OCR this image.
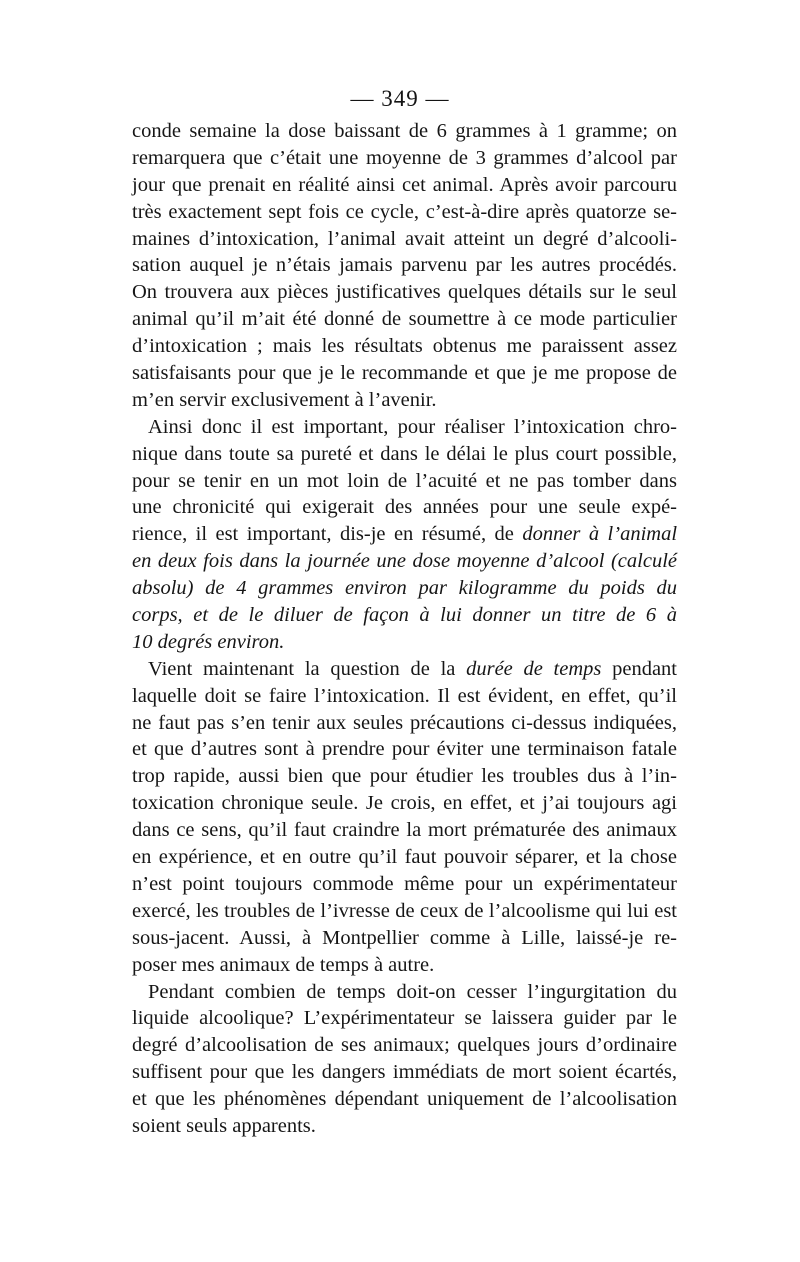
— 349 —
conde semaine la dose baissant de 6 grammes à 1 gramme; on
remarquera que c’était une moyenne de 3 grammes d’alcool par
jour que prenait en réalité ainsi cet animal. Après avoir parcouru
très exactement sept fois ce cycle, c’est-à-dire après quatorze se-
maines d’intoxication, l’animal avait atteint un degré d’alcooli-
sation auquel je n’étais jamais parvenu par les autres procédés.
On trouvera aux pièces justificatives quelques détails sur le seul
animal qu’il m’ait été donné de soumettre à ce mode particulier
d’intoxication ; mais les résultats obtenus me paraissent assez
satisfaisants pour que je le recommande et que je me propose de
m’en servir exclusivement à l’avenir.
Ainsi donc il est important, pour réaliser l’intoxication chro-
nique dans toute sa pureté et dans le délai le plus court possible,
pour se tenir en un mot loin de l’acuité et ne pas tomber dans
une chronicité qui exigerait des années pour une seule expé-
rience, il est important, dis-je en résumé, de donner à l’animal
en deux fois dans la journée une dose moyenne d’alcool (calculé
absolu) de 4 grammes environ par kilogramme du poids du
corps, et de le diluer de façon à lui donner un titre de 6 à
10 degrés environ.
Vient maintenant la question de la durée de temps pendant
laquelle doit se faire l’intoxication. Il est évident, en effet, qu’il
ne faut pas s’en tenir aux seules précautions ci-dessus indiquées,
et que d’autres sont à prendre pour éviter une terminaison fatale
trop rapide, aussi bien que pour étudier les troubles dus à l’in-
toxication chronique seule. Je crois, en effet, et j’ai toujours agi
dans ce sens, qu’il faut craindre la mort prématurée des animaux
en expérience, et en outre qu’il faut pouvoir séparer, et la chose
n’est point toujours commode même pour un expérimentateur
exercé, les troubles de l’ivresse de ceux de l’alcoolisme qui lui est
sous-jacent. Aussi, à Montpellier comme à Lille, laissé-je re-
poser mes animaux de temps à autre.
Pendant combien de temps doit-on cesser l’ingurgitation du
liquide alcoolique? L’expérimentateur se laissera guider par le
degré d’alcoolisation de ses animaux; quelques jours d’ordinaire
suffisent pour que les dangers immédiats de mort soient écartés,
et que les phénomènes dépendant uniquement de l’alcoolisation
soient seuls apparents.
